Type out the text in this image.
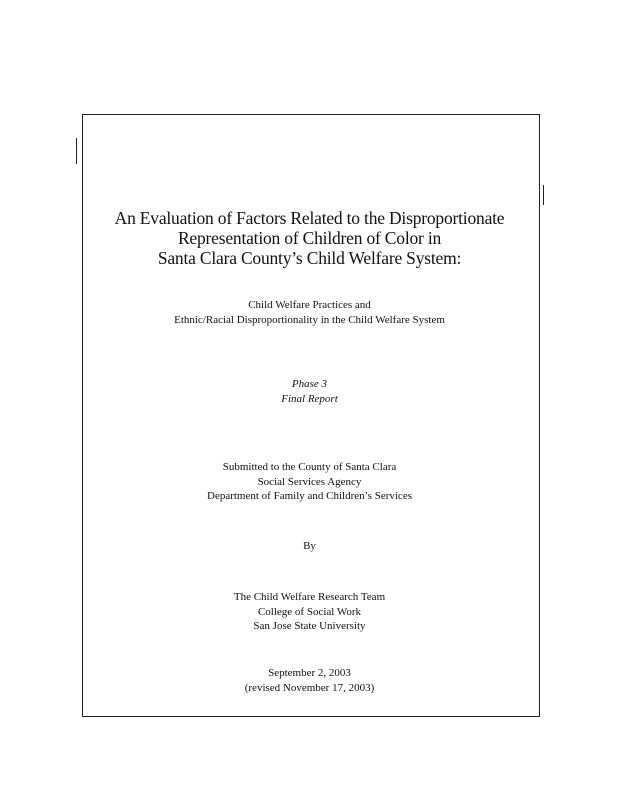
An Evaluation of Factors Related to the Disproportionate
Representation of Children of Color in
Santa Clara County’s Child Welfare System:
Child Welfare Practices and
Ethnic/Racial Disproportionality in the Child Welfare System
Phase 3
Final Report
Submitted to the County of Santa Clara
Social Services Agency
Department of Family and Children’s Services
By
The Child Welfare Research Team
College of Social Work
San Jose State University
September 2, 2003
(revised November 17, 2003)
